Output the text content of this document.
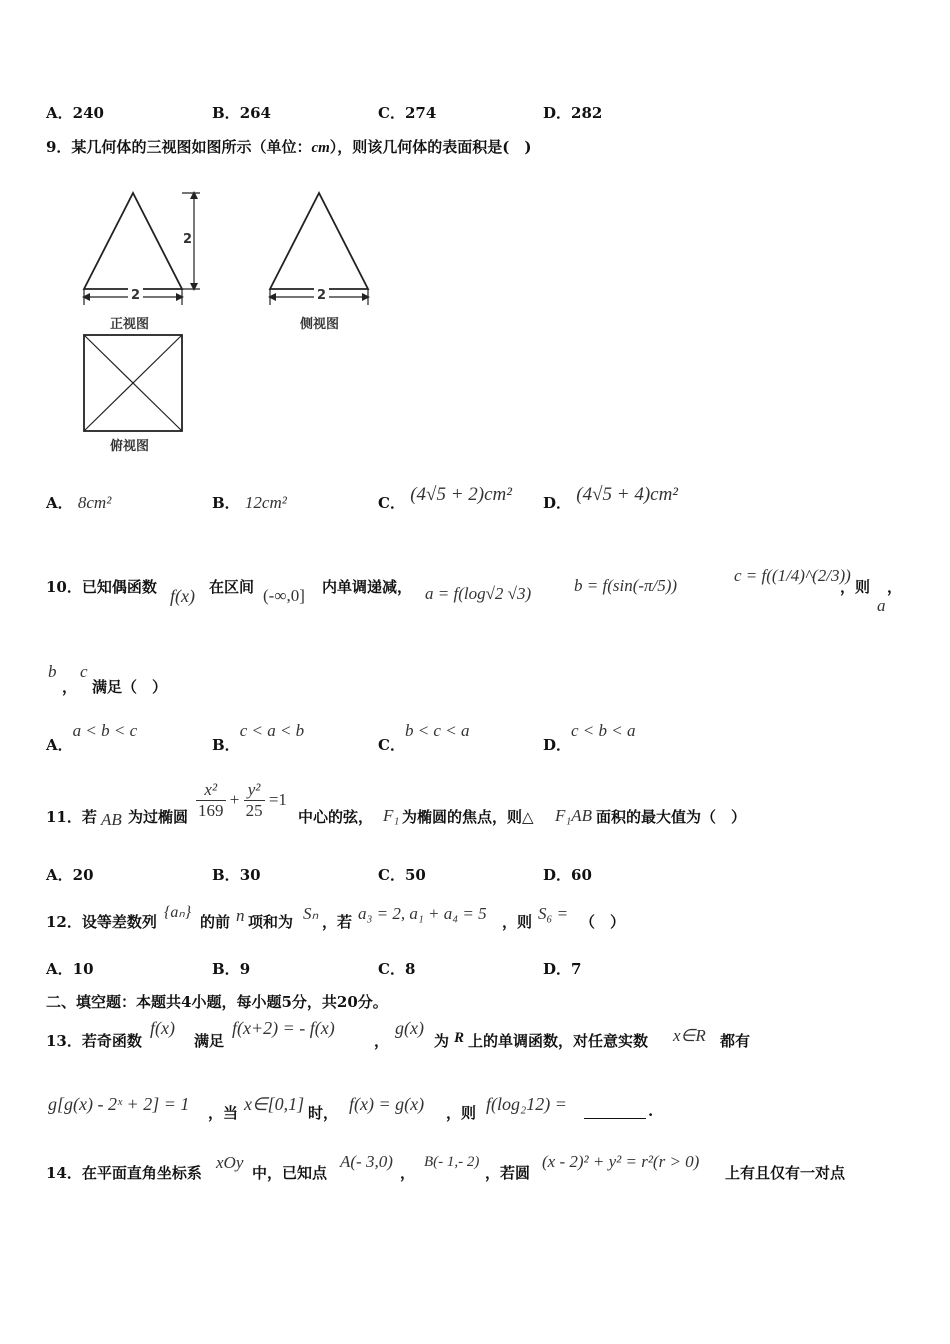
A．240	B．264	C．274	D．282
9．某几何体的三视图如图所示（单位：cm），则该几何体的表面积是(　)
2
2	2
正视图	侧视图
俯视图
A． 8cm²	B． 12cm²	C． (4√5 + 2)cm² D． (4√5 + 4)cm²
10．已知偶函数 f(x) 在区间 (-∞,0] 内单调递减， a = f(log√2 √3)	b = f(sin(-π/5))
c = f((1/4)^(2/3))
，则 ，
a
b
，
c
满足（　）
A．a < b < c
B．c < a < b
C．b < c < a
D．c < b < a
11．若 AB 为过椭圆 $\frac{\text{x²}}{169} + \frac{\text{y²}}{25} =1$
中心的弦， F₁ 为椭圆的焦点，则△ F₁AB 面积的最大值为（　）
A．20	B．30	C．50	D．60
12．设等差数列
{aₙ}
的前 n 项和为 Sₙ ，若 a₃ = 2, a₁ + a₄ = 5 ，则 S₆ = （　）
A．10	B．9	C．8	D．7
二、填空题：本题共4小题，每小题5分，共20分。
13．若奇函数
f(x)
满足
f(x+2) = - f(x)
，
g(x)
为 R 上的单调函数，对任意实数 x∈R 都有
g[g(x) - 2ˣ + 2] = 1 ，当 x∈[0,1] 时， f(x) = g(x) ，则 f(log₂12) =	.
14．在平面直角坐标系
xOy
中，已知点
A(- 3,0)
，
B(- 1,- 2)
，若圆
(x - 2)² + y² = r²(r > 0)
上有且仅有一对点
